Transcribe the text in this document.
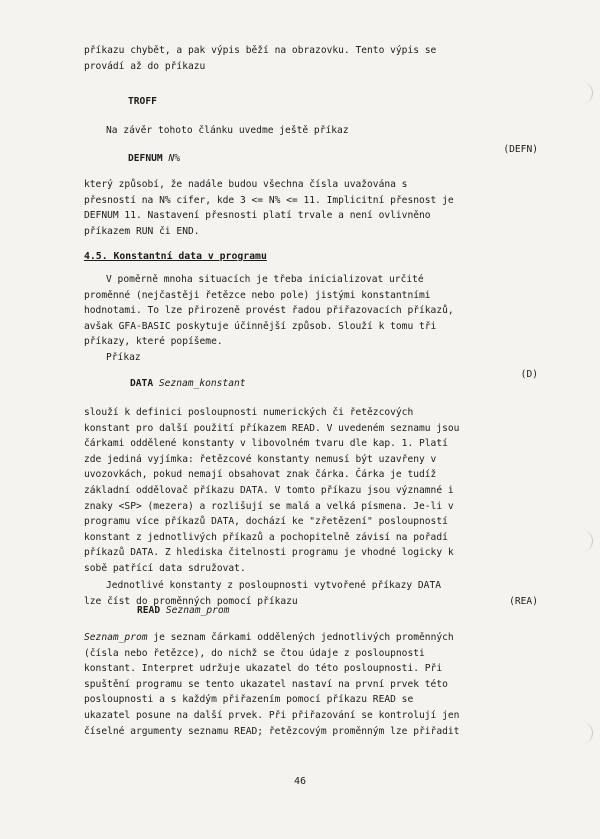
příkazu chybět, a pak výpis běží na obrazovku. Tento výpis se
provádí až do příkazu
TROFF
Na závěr tohoto článku uvedme ještě příkaz
(DEFN)
DEFNUM N%
který způsobí, že nadále budou všechna čísla uvažována s
přesností na N% cifer, kde 3 <= N% <= 11. Implicitní přesnost je
DEFNUM 11. Nastavení přesnosti platí trvale a není ovlivněno
příkazem RUN či END.
4.5. Konstantní data v programu
V poměrně mnoha situacích je třeba inicializovat určité
proměnné (nejčastěji řetězce nebo pole) jistými konstantními
hodnotami. To lze přirozeně provést řadou přiřazovacích příkazů,
avšak GFA-BASIC poskytuje účinnější způsob. Slouží k tomu tři
příkazy, které popíšeme.
Příkaz
(D)
DATA Seznam_konstant
slouží k definici posloupnosti numerických či řetězcových
konstant pro další použití příkazem READ. V uvedeném seznamu jsou
čárkami oddělené konstanty v libovolném tvaru dle kap. 1. Platí
zde jediná vyjímka: řetězcové konstanty nemusí být uzavřeny v
uvozovkách, pokud nemají obsahovat znak čárka. Čárka je tudíž
základní oddělovač příkazu DATA. V tomto příkazu jsou významné i
znaky <SP> (mezera) a rozlišují se malá a velká písmena. Je-li v
programu více příkazů DATA, dochází ke "zřetězení" posloupností
konstant z jednotlivých příkazů a pochopitelně závisí na pořadí
příkazů DATA. Z hlediska čitelnosti programu je vhodné logicky k
sobě patřící data sdružovat.
Jednotlivé konstanty z posloupnosti vytvořené příkazy DATA
lze číst do proměnných pomocí příkazu	(REA)
READ Seznam_prom
Seznam_prom je seznam čárkami oddělených jednotlivých proměnných
(čísla nebo řetězce), do nichž se čtou údaje z posloupnosti
konstant. Interpret udržuje ukazatel do této posloupnosti. Při
spuštění programu se tento ukazatel nastaví na první prvek této
posloupnosti a s každým přiřazením pomocí příkazu READ se
ukazatel posune na další prvek. Při přiřazování se kontrolují jen
číselné argumenty seznamu READ; řetězcovým proměnným lze přiřadit
46
